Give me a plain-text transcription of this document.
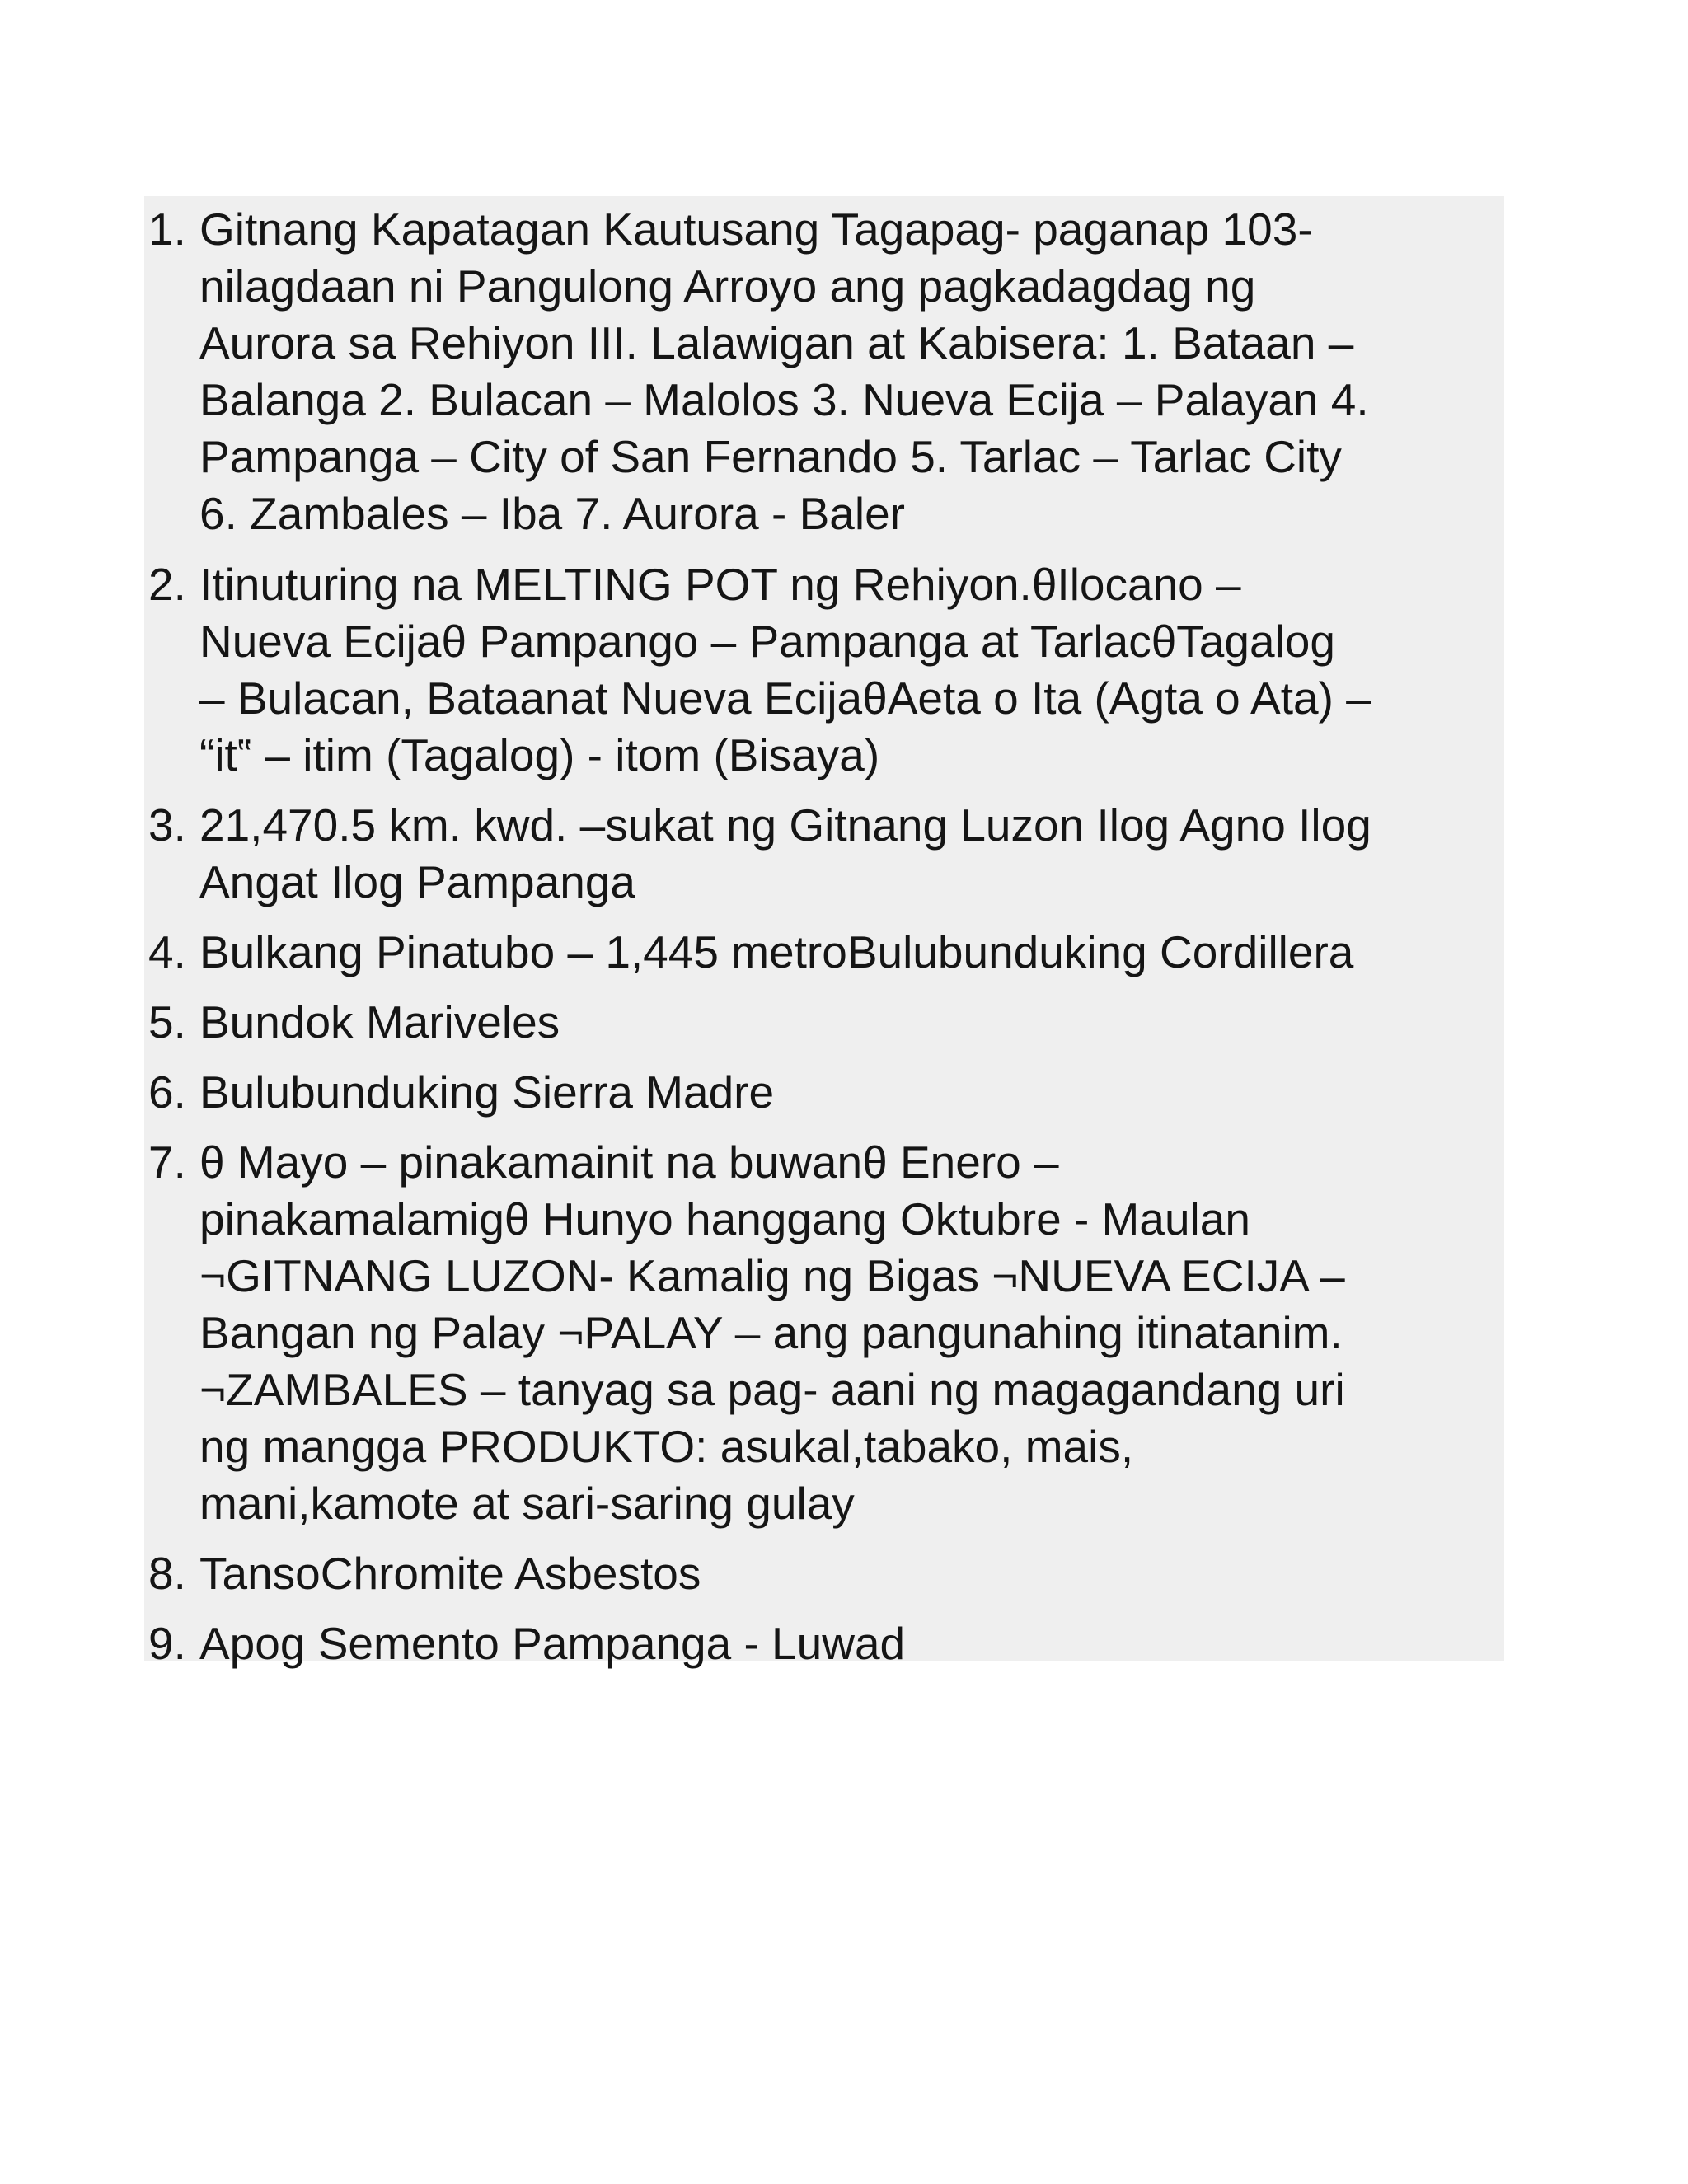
1. Gitnang Kapatagan Kautusang Tagapag- paganap 103-
nilagdaan ni Pangulong Arroyo ang pagkadagdag ng
Aurora sa Rehiyon III. Lalawigan at Kabisera: 1. Bataan –
Balanga 2. Bulacan – Malolos 3. Nueva Ecija – Palayan 4.
Pampanga – City of San Fernando 5. Tarlac – Tarlac City
6. Zambales – Iba 7. Aurora - Baler
2. Itinuturing na MELTING POT ng Rehiyon.θIlocano –
Nueva Ecijaθ Pampango – Pampanga at TarlacθTagalog
– Bulacan, Bataanat Nueva EcijaθAeta o Ita (Agta o Ata) –
“it‟ – itim (Tagalog) - itom (Bisaya)
3. 21,470.5 km. kwd. –sukat ng Gitnang Luzon Ilog Agno Ilog
Angat Ilog Pampanga
4. Bulkang Pinatubo – 1,445 metroBulubunduking Cordillera
5. Bundok Mariveles
6. Bulubunduking Sierra Madre
7. θ Mayo – pinakamainit na buwanθ Enero –
pinakamalamigθ Hunyo hanggang Oktubre - Maulan
¬GITNANG LUZON- Kamalig ng Bigas ¬NUEVA ECIJA –
Bangan ng Palay ¬PALAY – ang pangunahing itinatanim.
¬ZAMBALES – tanyag sa pag- aani ng magagandang uri
ng mangga PRODUKTO: asukal,tabako, mais,
mani,kamote at sari-saring gulay
8. TansoChromite Asbestos
9. Apog Semento Pampanga - Luwad
